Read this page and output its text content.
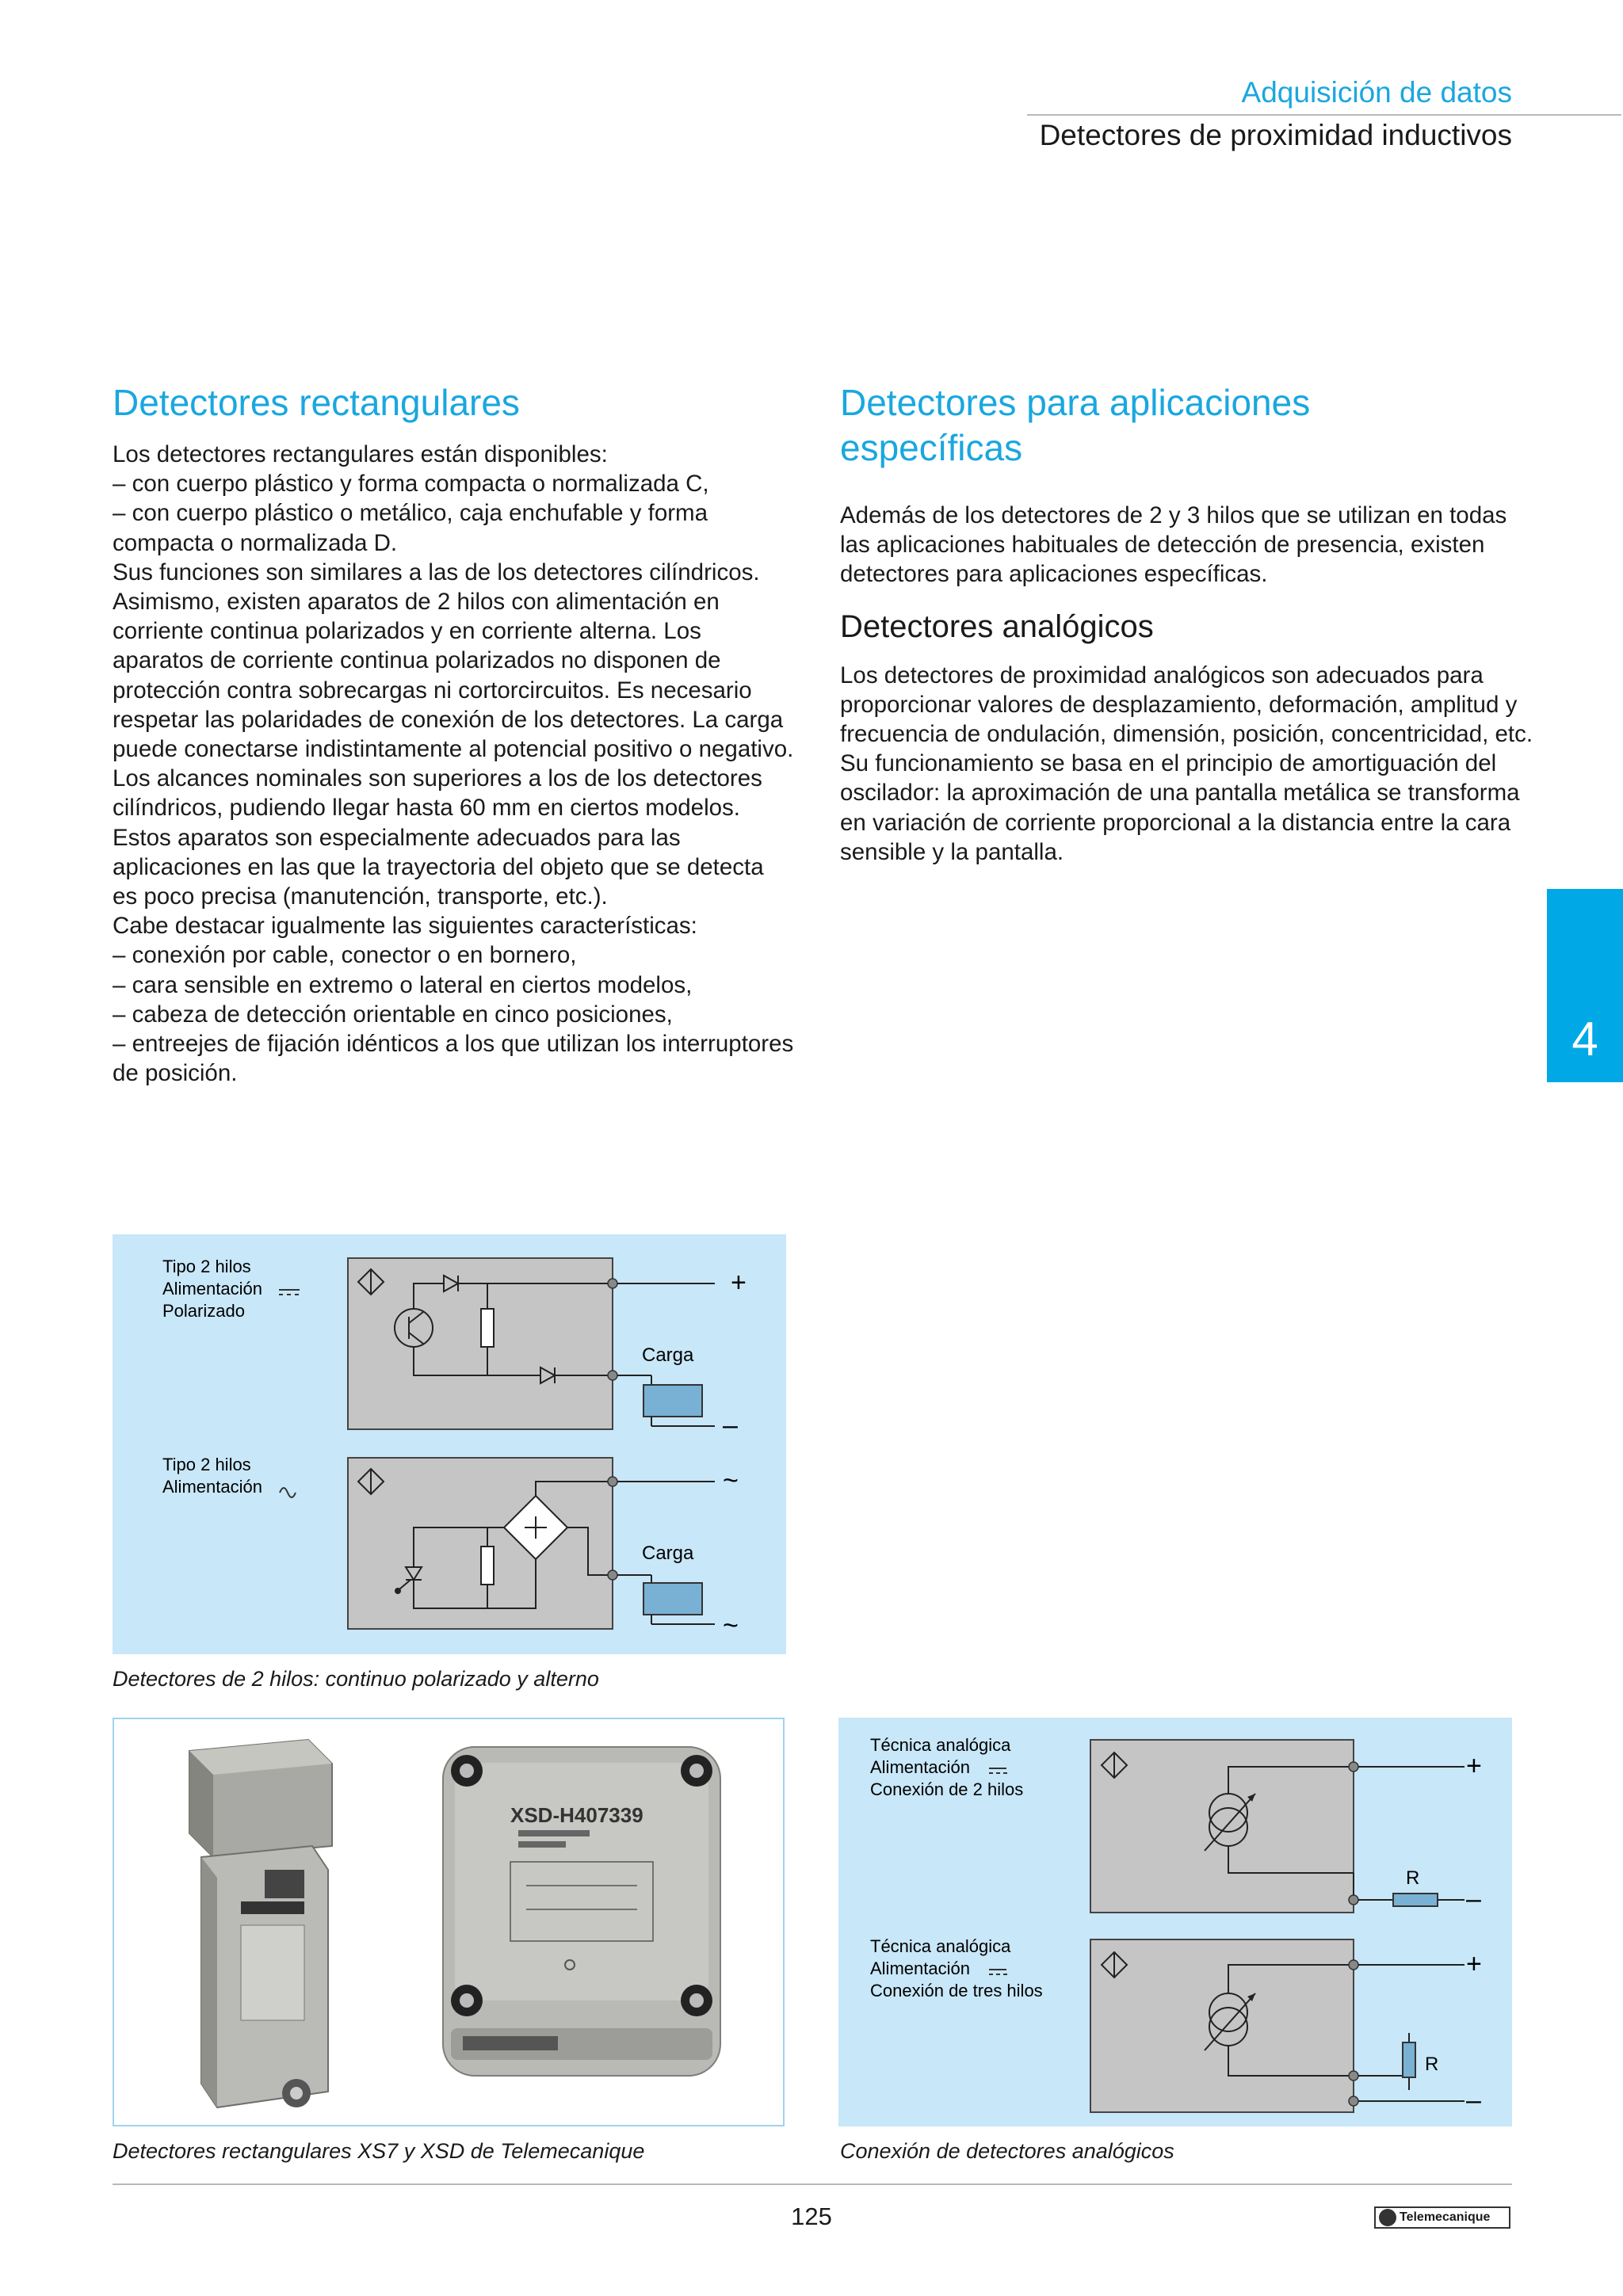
Adquisición de datos
Detectores de proximidad inductivos
Detectores rectangulares

Los detectores rectangulares están disponibles:

– con cuerpo plástico y forma compacta o normalizada C,

– con cuerpo plástico o metálico, caja enchufable y forma compacta o normalizada D.

Sus funciones son similares a las de los detectores cilíndricos. Asimismo, existen aparatos de 2 hilos con alimentación en corriente continua polarizados y en corriente alterna. Los aparatos de corriente continua polarizados no disponen de protección contra sobrecargas ni cortorcircuitos. Es necesario respetar las polaridades de conexión de los detectores. La carga puede conectarse indistintamente al potencial positivo o negativo.

Los alcances nominales son superiores a los de los detectores cilíndricos, pudiendo llegar hasta 60 mm en ciertos modelos. Estos aparatos son especialmente adecuados para las aplicaciones en las que la trayectoria del objeto que se detecta es poco precisa (manutención, transporte, etc.).

Cabe destacar igualmente las siguientes características:

– conexión por cable, conector o en bornero,

– cara sensible en extremo o lateral en ciertos modelos,

– cabeza de detección orientable en cinco posiciones,

– entreejes de fijación idénticos a los que utilizan los interruptores de posición.

Detectores para aplicaciones específicas
Además de los detectores de 2 y 3 hilos que se utilizan en todas las aplicaciones habituales de detección de presencia, existen detectores para aplicaciones específicas.
Detectores analógicos
Los detectores de proximidad analógicos son adecuados para proporcionar valores de desplazamiento, deformación, amplitud y frecuencia de ondulación, dimensión, posición, concentricidad, etc. Su funcionamiento se basa en el principio de amortiguación del oscilador: la aproximación de una pantalla metálica se transforma en variación de corriente proporcional a la distancia entre la cara sensible y la pantalla.
4
Tipo 2 hilos
Alimentación
Polarizado
+
Carga
–
Tipo 2 hilos
Alimentación	~
Carga
~
Detectores de 2 hilos: continuo polarizado y alterno
XSD-H407339
Detectores rectangulares XS7 y XSD de Telemecanique
Técnica analógica
Alimentación
Conexión de 2 hilos
+
R
–
Técnica analógica
Alimentación
Conexión de tres hilos
+
R
–
Conexión de detectores analógicos
125	Telemecanique
